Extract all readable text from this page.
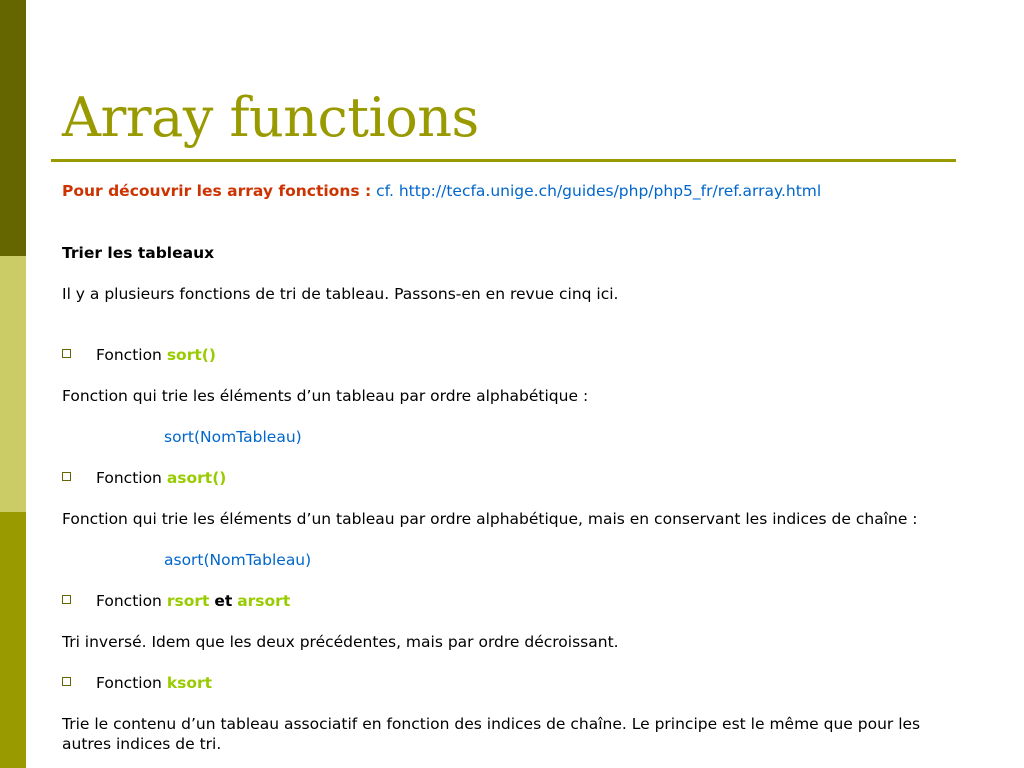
Array functions
Pour découvrir les array fonctions : cf. http://tecfa.unige.ch/guides/php/php5_fr/ref.array.html
Trier les tableaux
Il y a plusieurs fonctions de tri de tableau. Passons-en en revue cinq ici.
Fonction sort()
Fonction qui trie les éléments d’un tableau par ordre alphabétique :
sort(NomTableau)
Fonction asort()
Fonction qui trie les éléments d’un tableau par ordre alphabétique, mais en conservant les indices de chaîne :
asort(NomTableau)
Fonction rsort et arsort
Tri inversé. Idem que les deux précédentes, mais par ordre décroissant.
Fonction ksort
Trie le contenu d’un tableau associatif en fonction des indices de chaîne. Le principe est le même que pour les autres indices de tri.
